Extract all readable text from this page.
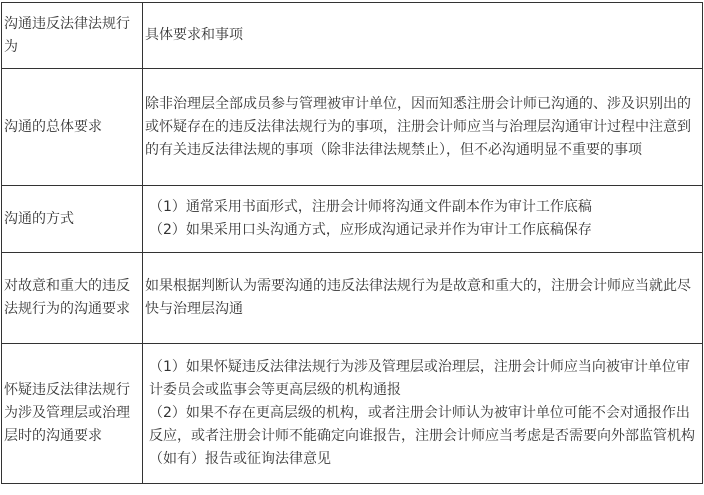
沟通违反法律法规行为	具体要求和事项

沟通的总体要求	除非治理层全部成员参与管理被审计单位，因而知悉注册会计师已沟通的、涉及识别出的或怀疑存在的违反法律法规行为的事项，注册会计师应当与治理层沟通审计过程中注意到的有关违反法律法规的事项（除非法律法规禁止），但不必沟通明显不重要的事项

沟通的方式	（1）通常采用书面形式，注册会计师将沟通文件副本作为审计工作底稿
（2）如果采用口头沟通方式，应形成沟通记录并作为审计工作底稿保存

对故意和重大的违反法规行为的沟通要求	如果根据判断认为需要沟通的违反法律法规行为是故意和重大的，注册会计师应当就此尽快与治理层沟通

怀疑违反法律法规行为涉及管理层或治理层时的沟通要求	（1）如果怀疑违反法律法规行为涉及管理层或治理层，注册会计师应当向被审计单位审计委员会或监事会等更高层级的机构通报
（2）如果不存在更高层级的机构，或者注册会计师认为被审计单位可能不会对通报作出反应，或者注册会计师不能确定向谁报告，注册会计师应当考虑是否需要向外部监管机构（如有）报告或征询法律意见
